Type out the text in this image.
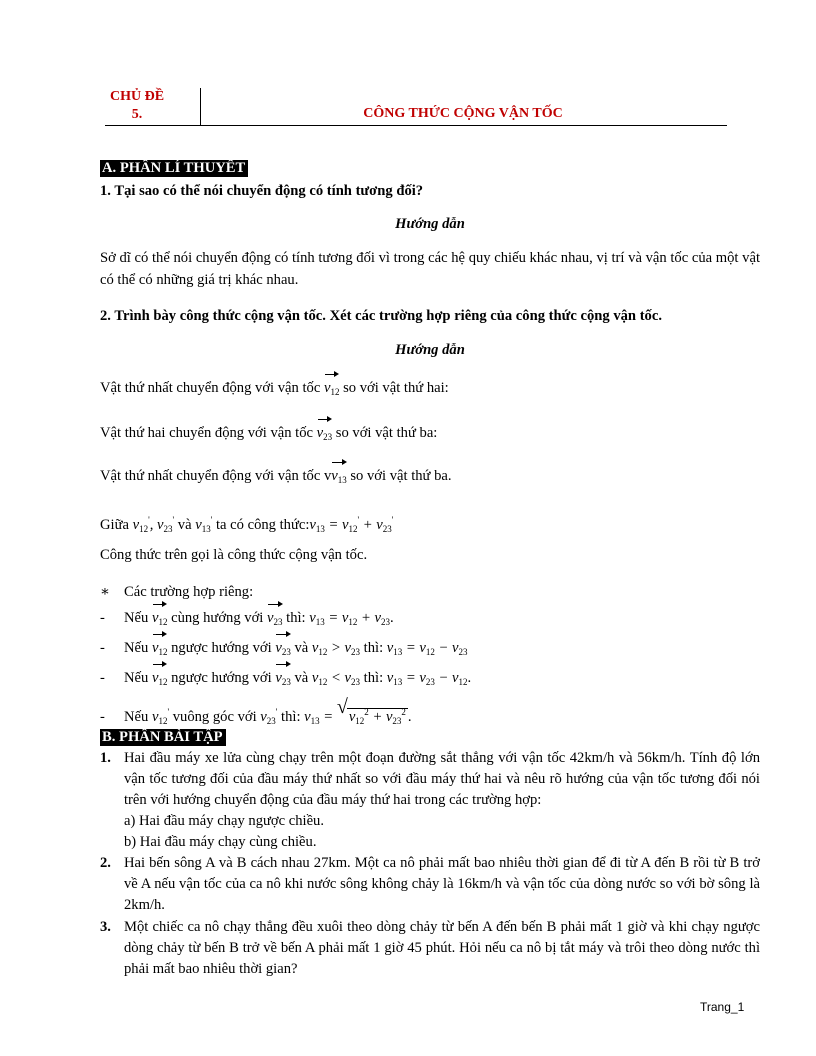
CHỦ ĐỀ
5.	CÔNG THỨC CỘNG VẬN TỐC
A. PHẦN LÍ THUYẾT
1. Tại sao có thể nói chuyển động có tính tương đối?
Hướng dẫn
Sở dĩ có thể nói chuyển động có tính tương đối vì trong các hệ quy chiếu khác nhau, vị trí và vận tốc của một vật có thể có những giá trị khác nhau.
2. Trình bày công thức cộng vận tốc. Xét các trường hợp riêng của công thức cộng vận tốc.
Hướng dẫn
Vật thứ nhất chuyển động với vận tốc
$v_{12}$ so với vật thứ hai:
Vật thứ hai chuyển động với vận tốc
$v_{23}$ so với vật thứ ba:
Vật thứ nhất chuyển động với vận tốc v
$v_{13}$ so với vật thứ ba.
Giữa $v_{12}'$, $v_{23}'$ và $v_{13}'$ ta có công $thức:v_{13} = v_{12}' + v_{23}'$
Công thức trên gọi là công thức cộng vận tốc.
∗ Các trường hợp riêng:
- Nếu
$v_{12}$ cùng hướng với
$v_{23}$ thì: $v_{13} = v_{12} + v_{23}$.
- Nếu
$v_{12}$ ngược hướng với
$v_{23}$ và $v_{12} > v_{23}$ thì: $v_{13} = v_{12} - v_{23}$
- Nếu
$v_{12}$ ngược hướng với
$v_{23}$ và $v_{12} < v_{23}$ thì: $v_{13} = v_{23} - v_{12}$.
- Nếu $v_{12}'$ vuông góc với $v_{23}'$ thì: $v_{13}$ = √ $v_{12}^2 + v_{23}^2$ .
B. PHẦN BÀI TẬP
1. Hai đầu máy xe lửa cùng chạy trên một đoạn đường sắt thẳng với vận tốc 42km/h và 56km/h. Tính độ lớn vận tốc tương đối của đầu máy thứ nhất so với đầu máy thứ hai và nêu rõ hướng của vận tốc tương đối nói trên với hướng chuyển động của đầu máy thứ hai trong các trường hợp:
a) Hai đầu máy chạy ngược chiều.
b) Hai đầu máy chạy cùng chiều.
2. Hai bến sông A và B cách nhau 27km. Một ca nô phải mất bao nhiêu thời gian để đi từ A đến B rồi từ B trở về A nếu vận tốc của ca nô khi nước sông không chảy là 16km/h và vận tốc của dòng nước so với bờ sông là 2km/h.
3. Một chiếc ca nô chạy thẳng đều xuôi theo dòng chảy từ bến A đến bến B phải mất 1 giờ và khi chạy ngược dòng chảy từ bến B trở về bến A phải mất 1 giờ 45 phút. Hỏi nếu ca nô bị tắt máy và trôi theo dòng nước thì phải mất bao nhiêu thời gian?
Trang_1
